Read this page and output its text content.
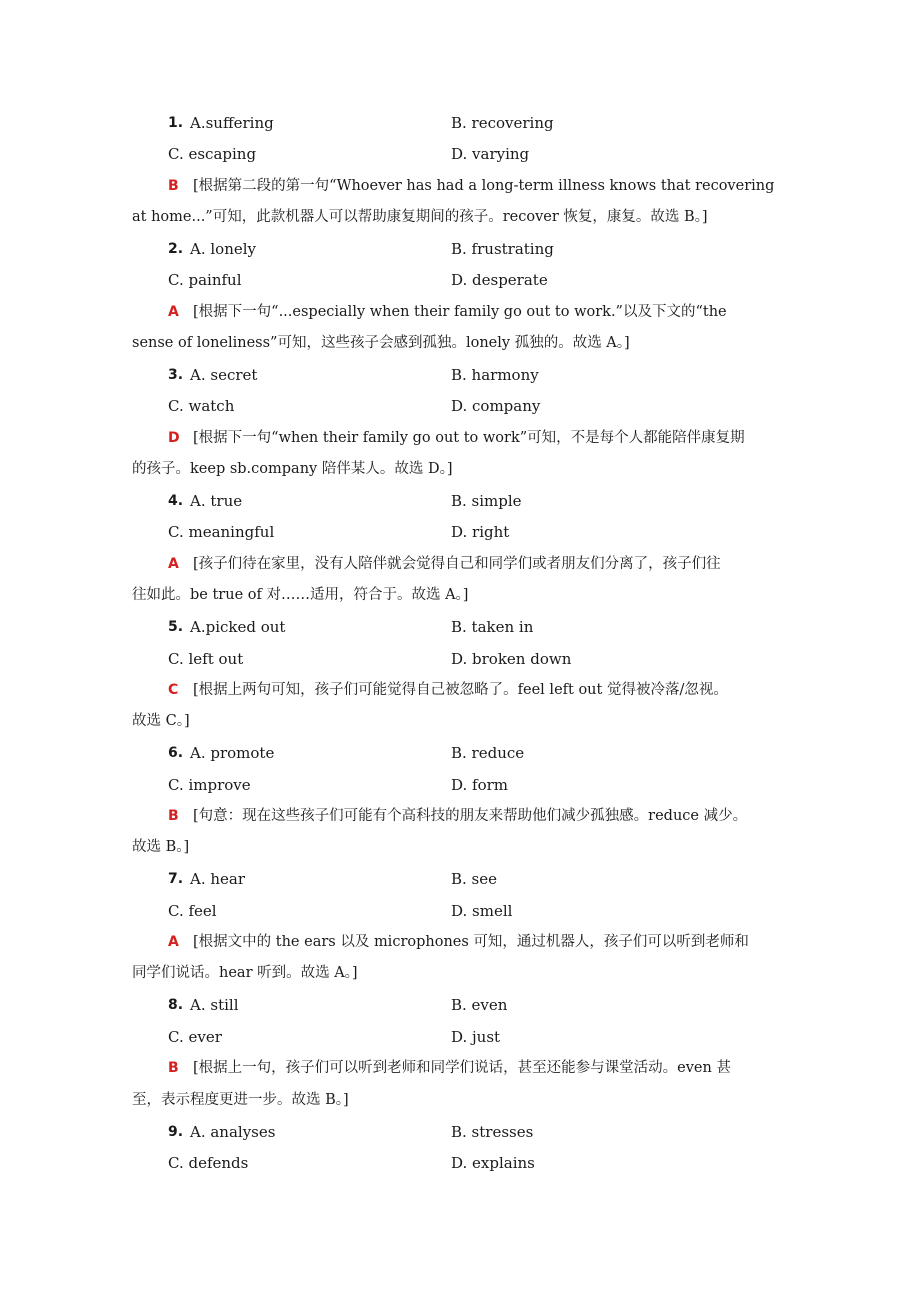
1. A.suffering	B. recovering
C. escaping	D. varying
B [根据第二段的第一句“Whoever has had a long-term illness knows that recovering
at home...”可知，此款机器人可以帮助康复期间的孩子。recover 恢复，康复。故选 B。]
2. A. lonely	B. frustrating
C. painful	D. desperate
A [根据下一句“...especially when their family go out to work.”以及下文的“the
sense of loneliness”可知，这些孩子会感到孤独。lonely 孤独的。故选 A。]
3. A. secret	B. harmony
C. watch	D. company
D [根据下一句“when their family go out to work”可知，不是每个人都能陪伴康复期
的孩子。keep sb.company 陪伴某人。故选 D。]
4. A. true	B. simple
C. meaningful	D. right
A [孩子们待在家里，没有人陪伴就会觉得自己和同学们或者朋友们分离了，孩子们往
往如此。be true of 对……适用，符合于。故选 A。]
5. A.picked out	B. taken in
C. left out	D. broken down
C [根据上两句可知，孩子们可能觉得自己被忽略了。feel left out 觉得被冷落/忽视。
故选 C。]
6. A. promote	B. reduce
C. improve	D. form
B [句意：现在这些孩子们可能有个高科技的朋友来帮助他们减少孤独感。reduce 减少。
故选 B。]
7. A. hear	B. see
C. feel	D. smell
A [根据文中的 the ears 以及 microphones 可知，通过机器人，孩子们可以听到老师和
同学们说话。hear 听到。故选 A。]
8. A. still	B. even
C. ever	D. just
B [根据上一句，孩子们可以听到老师和同学们说话，甚至还能参与课堂活动。even 甚
至，表示程度更进一步。故选 B。]
9. A. analyses	B. stresses
C. defends	D. explains
